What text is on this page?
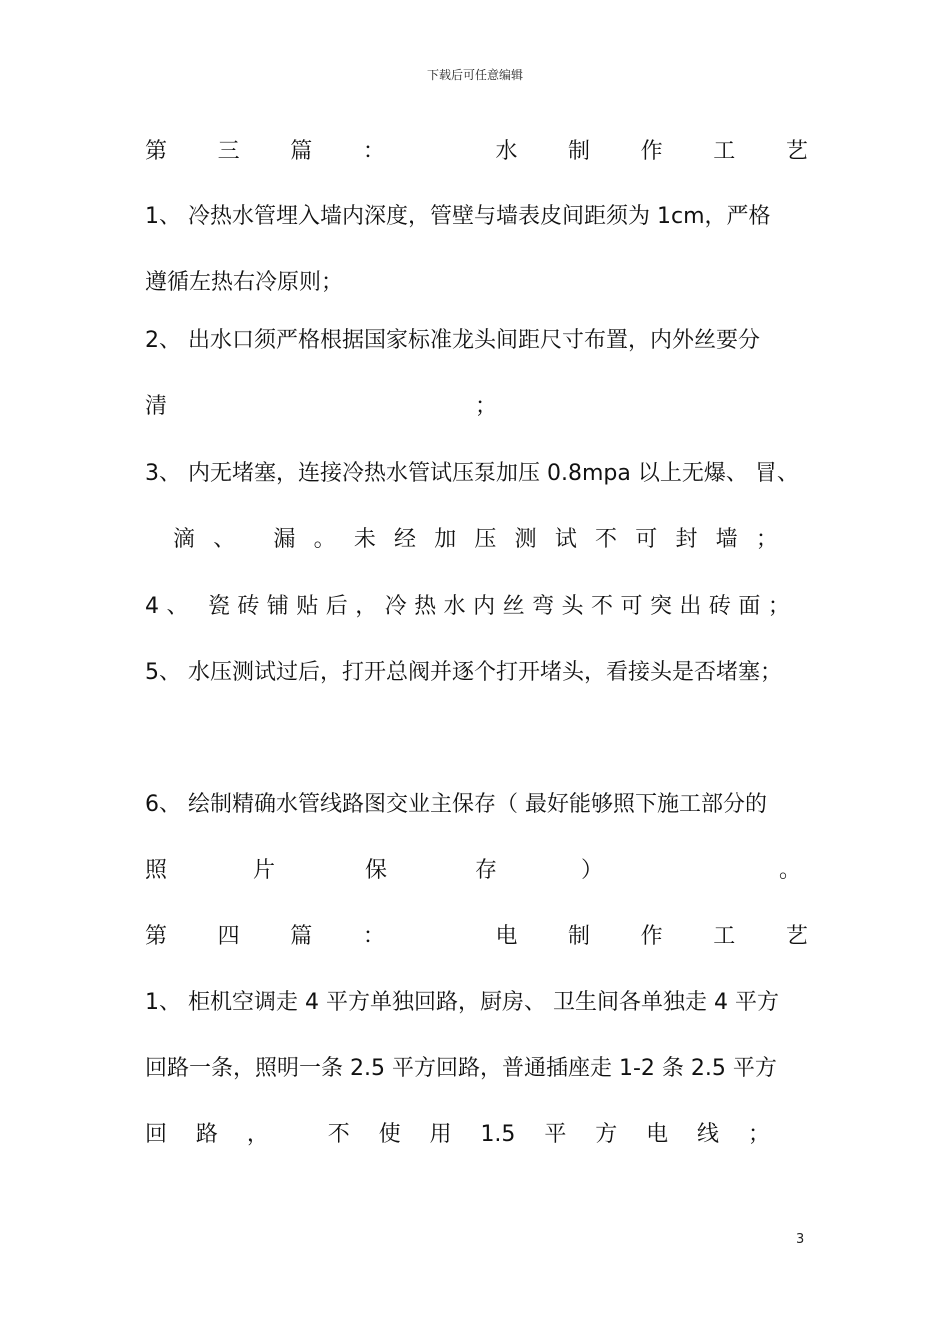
下载后可任意编辑
第 三 篇 ：	水 制 作 工 艺
1、 冷热水管埋入墙内深度，管壁与墙表皮间距须为 1cm，严格
遵循左热右冷原则；
2、 出水口须严格根据国家标准龙头间距尺寸布置，内外丝要分
清	；
3、 内无堵塞，连接冷热水管试压泵加压 0.8mpa 以上无爆、 冒、
滴 、 漏 。 未 经 加 压 测 试 不 可 封 墙 ；
4 、 瓷 砖 铺 贴 后 ， 冷 热 水 内 丝 弯 头 不 可 突 出 砖 面 ；
5、 水压测试过后，打开总阀并逐个打开堵头，看接头是否堵塞；
6、 绘制精确水管线路图交业主保存（ 最好能够照下施工部分的
照	片	保	存	）	。
第 四 篇 ：	电 制 作 工 艺
1、 柜机空调走 4 平方单独回路，厨房、 卫生间各单独走 4 平方
回路一条，照明一条 2.5 平方回路，普通插座走 1-2 条 2.5 平方
回 路 ，	不 使 用 1.5 平 方 电 线 ；
3
